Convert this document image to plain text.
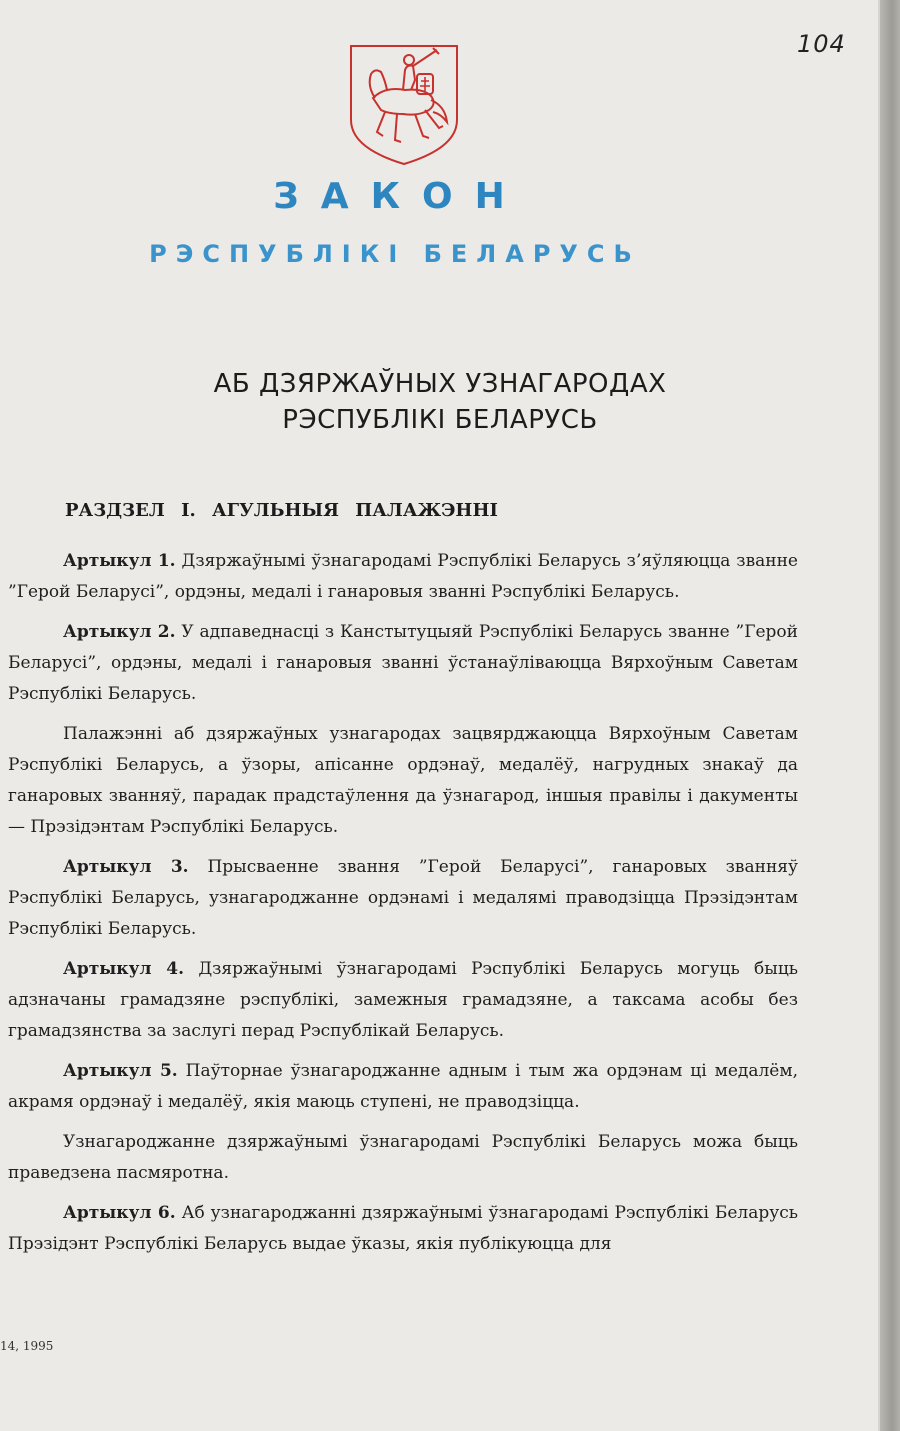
104
ЗАКОН
РЭСПУБЛІКІ БЕЛАРУСЬ
АБ ДЗЯРЖАЎНЫХ УЗНАГАРОДАХ
РЭСПУБЛІКІ БЕЛАРУСЬ
РАЗДЗЕЛ I. АГУЛЬНЫЯ ПАЛАЖЭННІ

Артыкул 1. Дзяржаўнымі ўзнагародамі Рэспублікі Беларусь з’яўляюцца званне ”Герой Беларусі”, ордэны, медалі і ганаровыя званні Рэспублікі Беларусь.

Артыкул 2. У адпаведнасці з Канстытуцыяй Рэспублікі Беларусь званне ”Герой Беларусі”, ордэны, медалі і ганаровыя званні ўстанаўліваюцца Вярхоўным Саветам Рэспублікі Беларусь.

Палажэнні аб дзяржаўных узнагародах зацвярджаюцца Вярхоўным Саветам Рэспублікі Беларусь, а ўзоры, апісанне ордэнаў, медалёў, нагрудных знакаў да ганаровых званняў, парадак прадстаўлення да ўзнагарод, іншыя правілы і дакументы — Прэзідэнтам Рэспублікі Беларусь.

Артыкул 3. Прысваенне звання ”Герой Беларусі”, ганаровых званняў Рэспублікі Беларусь, узнагароджанне ордэнамі і медалямі праводзіцца Прэзідэнтам Рэспублікі Беларусь.

Артыкул 4. Дзяржаўнымі ўзнагародамі Рэспублікі Беларусь могуць быць адзначаны грамадзяне рэспублікі, замежныя грамадзяне, а таксама асобы без грамадзянства за заслугі перад Рэспублікай Беларусь.

Артыкул 5. Паўторнае ўзнагароджанне адным і тым жа ордэнам ці медалём, акрамя ордэнаў і медалёў, якія маюць ступені, не праводзіцца.

Узнагароджанне дзяржаўнымі ўзнагародамі Рэспублікі Беларусь можа быць праведзена пасмяротна.

Артыкул 6. Аб узнагароджанні дзяржаўнымі ўзнагародамі Рэспублікі Беларусь Прэзідэнт Рэспублікі Беларусь выдае ўказы, якія публікуюцца для

14, 1995
